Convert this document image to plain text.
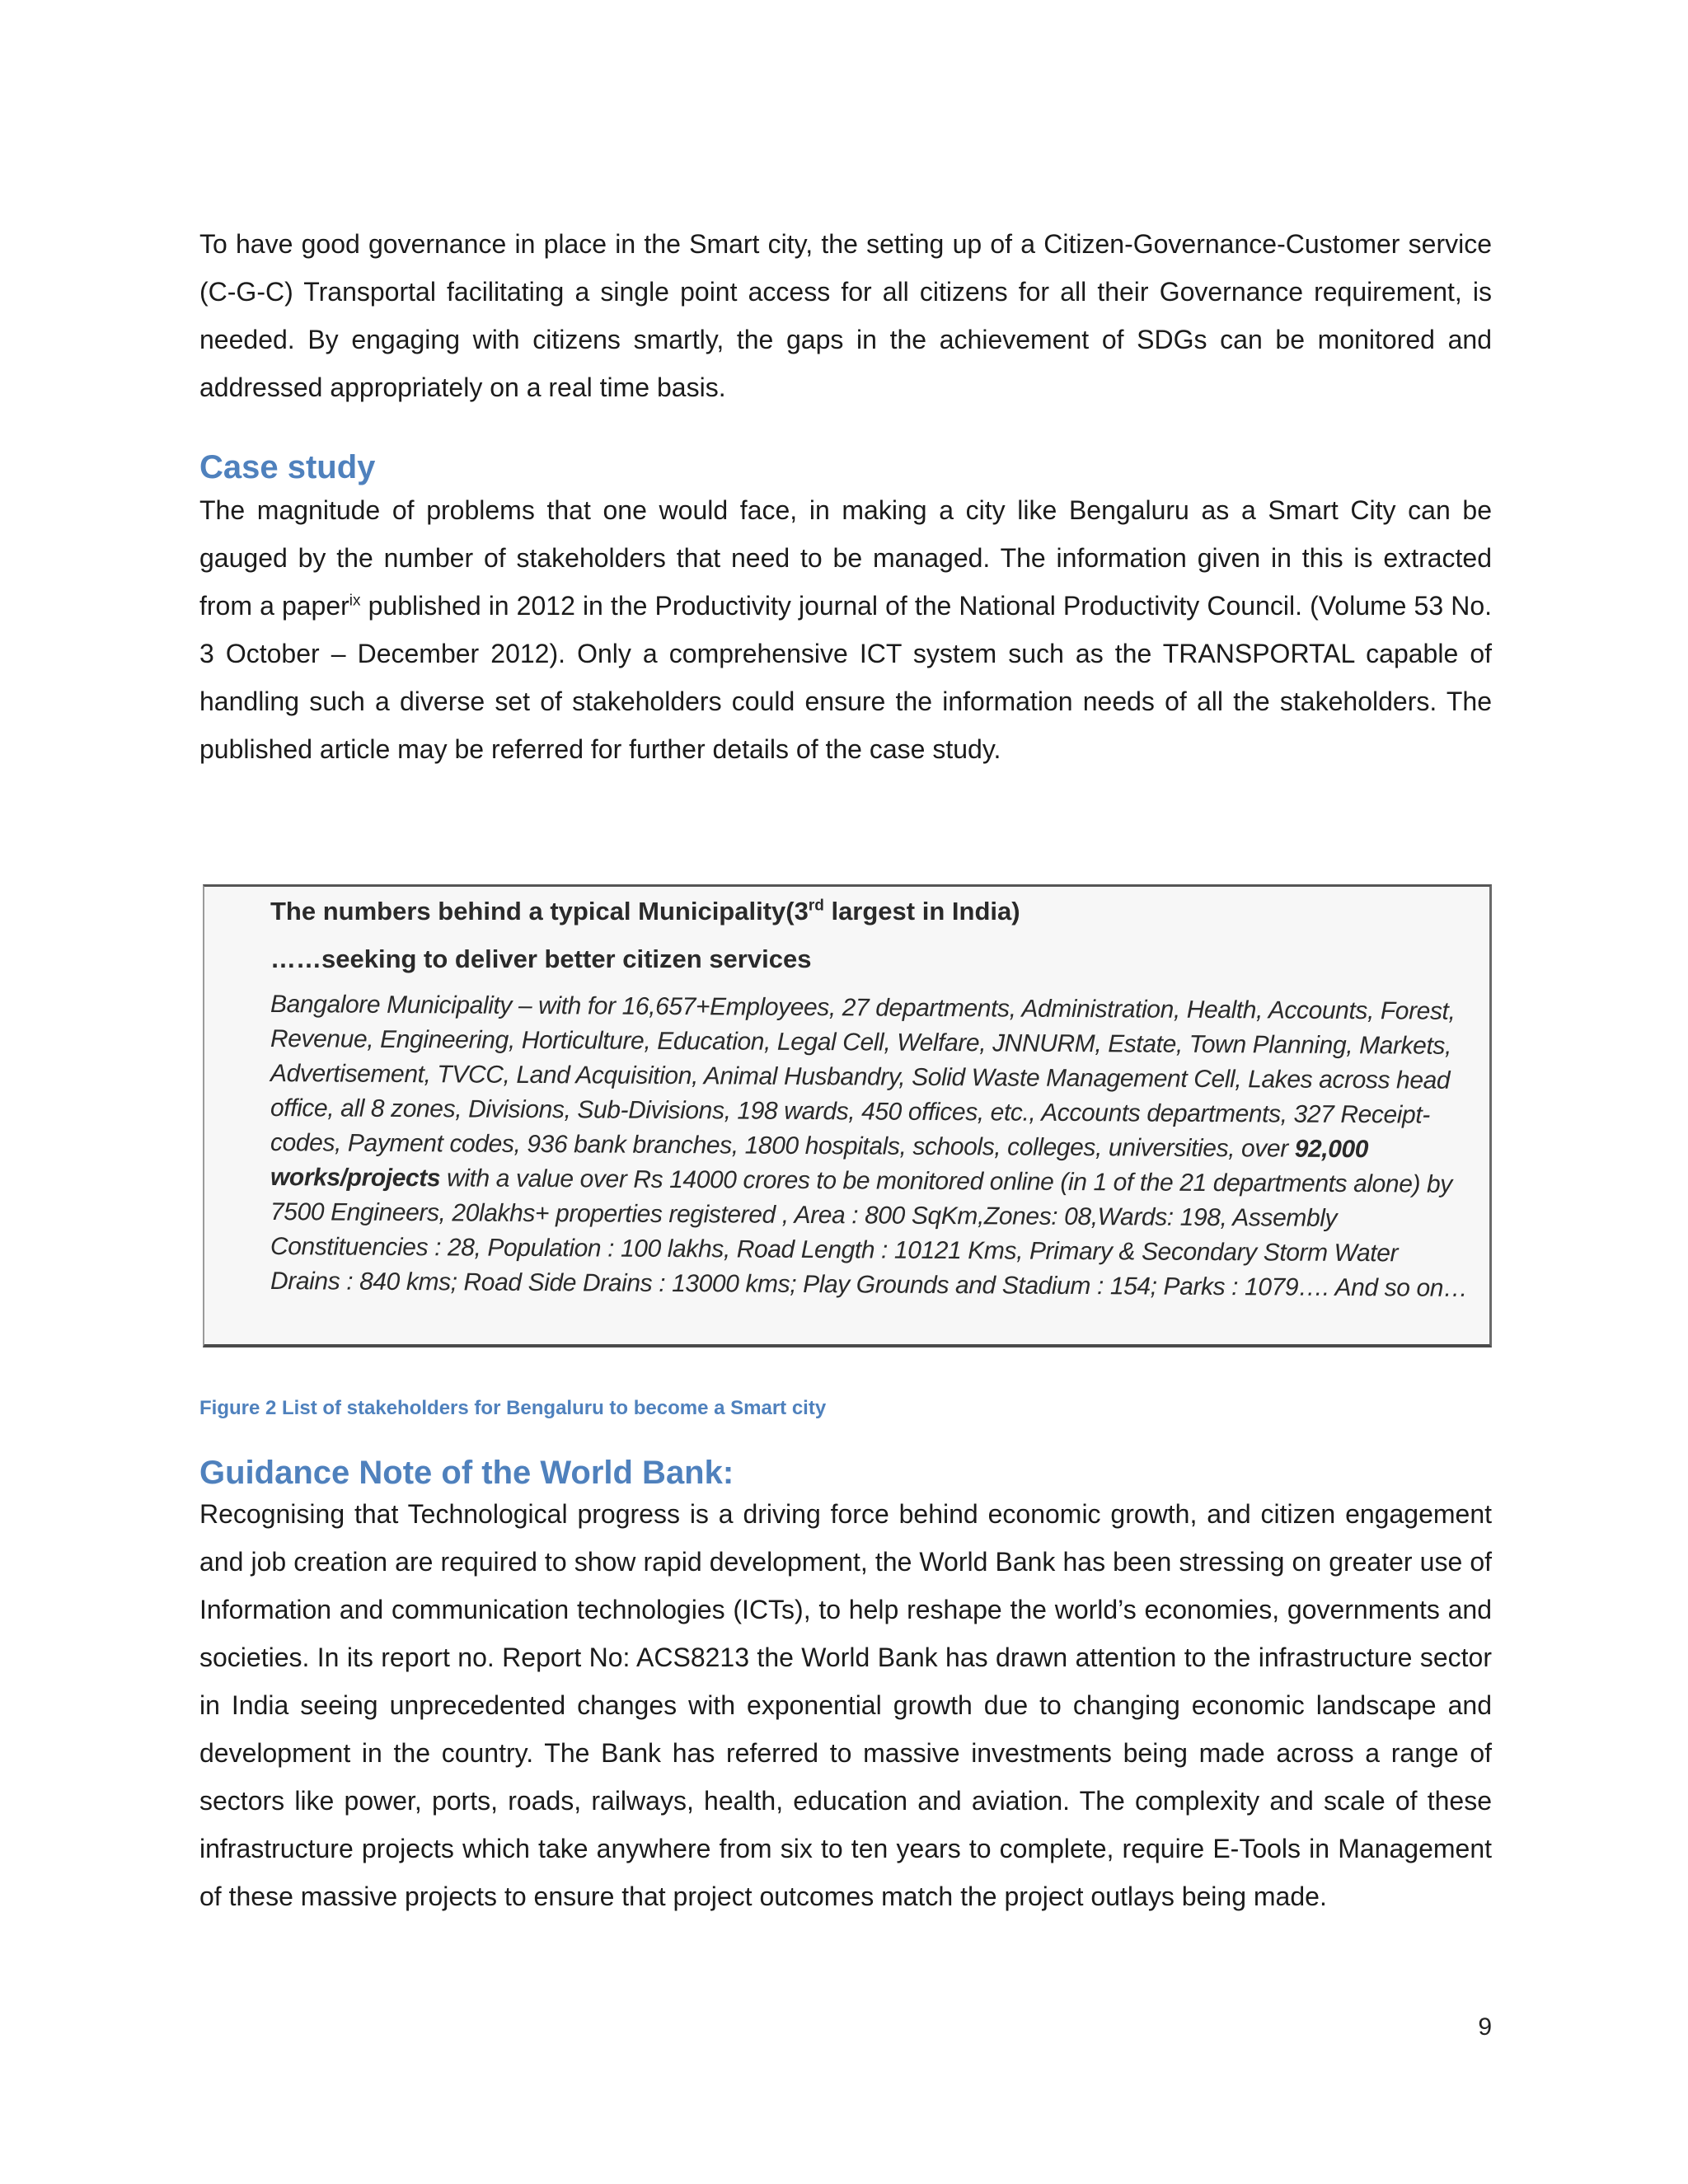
To have good governance in place in the Smart city, the setting up of a Citizen-Governance-Customer service (C-G-C) Transportal facilitating a single point access for all citizens for all their Governance requirement, is needed. By engaging with citizens smartly, the gaps in the achievement of SDGs can be monitored and addressed appropriately on a real time basis.

Case study

The magnitude of problems that one would face, in making a city like Bengaluru as a Smart City can be gauged by the number of stakeholders that need to be managed. The information given in this is extracted from a paper$^{ix}$ published in 2012 in the Productivity journal of the National Productivity Council. (Volume 53 No. 3 October – December 2012). Only a comprehensive ICT system such as the TRANSPORTAL capable of handling such a diverse set of stakeholders could ensure the information needs of all the stakeholders. The published article may be referred for further details of the case study.

The numbers behind a typical Municipality(3rd largest in India)

……seeking to deliver better citizen services

Bangalore Municipality – with for 16,657+Employees, 27 departments, Administration, Health, Accounts, Forest, Revenue, Engineering, Horticulture, Education, Legal Cell, Welfare, JNNURM, Estate, Town Planning, Markets, Advertisement, TVCC, Land Acquisition, Animal Husbandry, Solid Waste Management Cell, Lakes across head office, all 8 zones, Divisions, Sub-Divisions, 198 wards, 450 offices, etc., Accounts departments, 327 Receipt-codes, Payment codes, 936 bank branches, 1800 hospitals, schools, colleges, universities, over 92,000 works/projects with a value over Rs 14000 crores to be monitored online (in 1 of the 21 departments alone) by 7500 Engineers, 20lakhs+ properties registered , Area : 800 SqKm,Zones: 08,Wards: 198, Assembly Constituencies : 28, Population : 100 lakhs, Road Length : 10121 Kms, Primary & Secondary Storm Water Drains : 840 kms; Road Side Drains : 13000 kms; Play Grounds and Stadium : 154; Parks : 1079…. And so on…

Figure 2 List of stakeholders for Bengaluru to become a Smart city

Guidance Note of the World Bank:

Recognising that Technological progress is a driving force behind economic growth, and citizen engagement and job creation are required to show rapid development, the World Bank has been stressing on greater use of Information and communication technologies (ICTs), to help reshape the world’s economies, governments and societies. In its report no. Report No: ACS8213 the World Bank has drawn attention to the infrastructure sector in India seeing unprecedented changes with exponential growth due to changing economic landscape and development in the country. The Bank has referred to massive investments being made across a range of sectors like power, ports, roads, railways, health, education and aviation. The complexity and scale of these infrastructure projects which take anywhere from six to ten years to complete, require E-Tools in Management of these massive projects to ensure that project outcomes match the project outlays being made.

9
